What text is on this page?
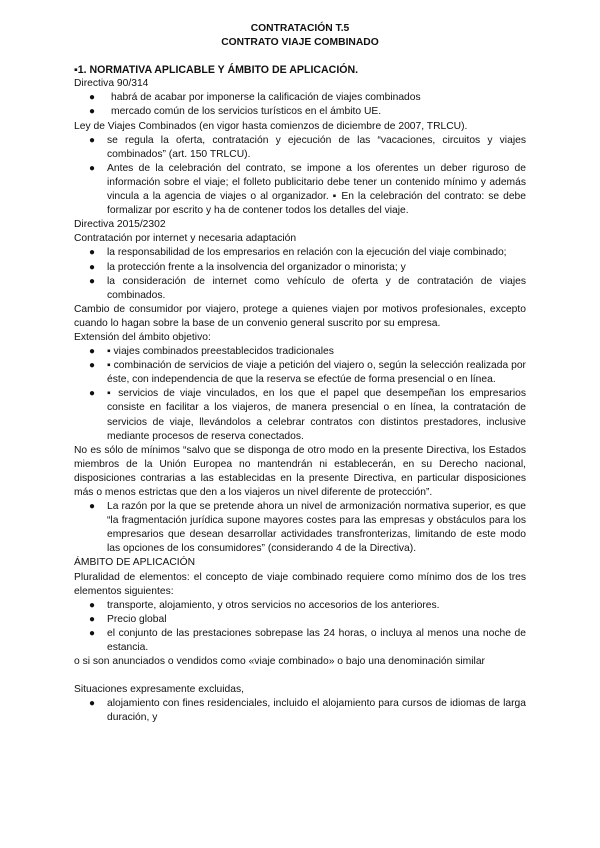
CONTRATACIÓN T.5
CONTRATO VIAJE COMBINADO
▪1. NORMATIVA APLICABLE Y ÁMBITO DE APLICACIÓN.

Directiva 90/314

● habrá de acabar por imponerse la calificación de viajes combinados
● mercado común de los servicios turísticos en el ámbito UE.

Ley de Viajes Combinados (en vigor hasta comienzos de diciembre de 2007, TRLCU).

● se regula la oferta, contratación y ejecución de las “vacaciones, circuitos y viajes combinados” (art. 150 TRLCU).
● Antes de la celebración del contrato, se impone a los oferentes un deber riguroso de información sobre el viaje; el folleto publicitario debe tener un contenido mínimo y además vincula a la agencia de viajes o al organizador. ▪ En la celebración del contrato: se debe formalizar por escrito y ha de contener todos los detalles del viaje.

Directiva 2015/2302

Contratación por internet y necesaria adaptación

● la responsabilidad de los empresarios en relación con la ejecución del viaje combinado;
● la protección frente a la insolvencia del organizador o minorista; y
● la consideración de internet como vehículo de oferta y de contratación de viajes combinados.

Cambio de consumidor por viajero, protege a quienes viajen por motivos profesionales, excepto cuando lo hagan sobre la base de un convenio general suscrito por su empresa.

Extensión del ámbito objetivo:

● ▪ viajes combinados preestablecidos tradicionales
● ▪ combinación de servicios de viaje a petición del viajero o, según la selección realizada por éste, con independencia de que la reserva se efectúe de forma presencial o en línea.
● ▪ servicios de viaje vinculados, en los que el papel que desempeñan los empresarios consiste en facilitar a los viajeros, de manera presencial o en línea, la contratación de servicios de viaje, llevándolos a celebrar contratos con distintos prestadores, inclusive mediante procesos de reserva conectados.

No es sólo de mínimos “salvo que se disponga de otro modo en la presente Directiva, los Estados miembros de la Unión Europea no mantendrán ni establecerán, en su Derecho nacional, disposiciones contrarias a las establecidas en la presente Directiva, en particular disposiciones más o menos estrictas que den a los viajeros un nivel diferente de protección”.

● La razón por la que se pretende ahora un nivel de armonización normativa superior, es que “la fragmentación jurídica supone mayores costes para las empresas y obstáculos para los empresarios que desean desarrollar actividades transfronterizas, limitando de este modo las opciones de los consumidores” (considerando 4 de la Directiva).

ÁMBITO DE APLICACIÓN

Pluralidad de elementos: el concepto de viaje combinado requiere como mínimo dos de los tres elementos siguientes:

● transporte, alojamiento, y otros servicios no accesorios de los anteriores.
● Precio global
● el conjunto de las prestaciones sobrepase las 24 horas, o incluya al menos una noche de estancia.

o si son anunciados o vendidos como «viaje combinado» o bajo una denominación similar

Situaciones expresamente excluidas,

● alojamiento con fines residenciales, incluido el alojamiento para cursos de idiomas de larga duración, y
